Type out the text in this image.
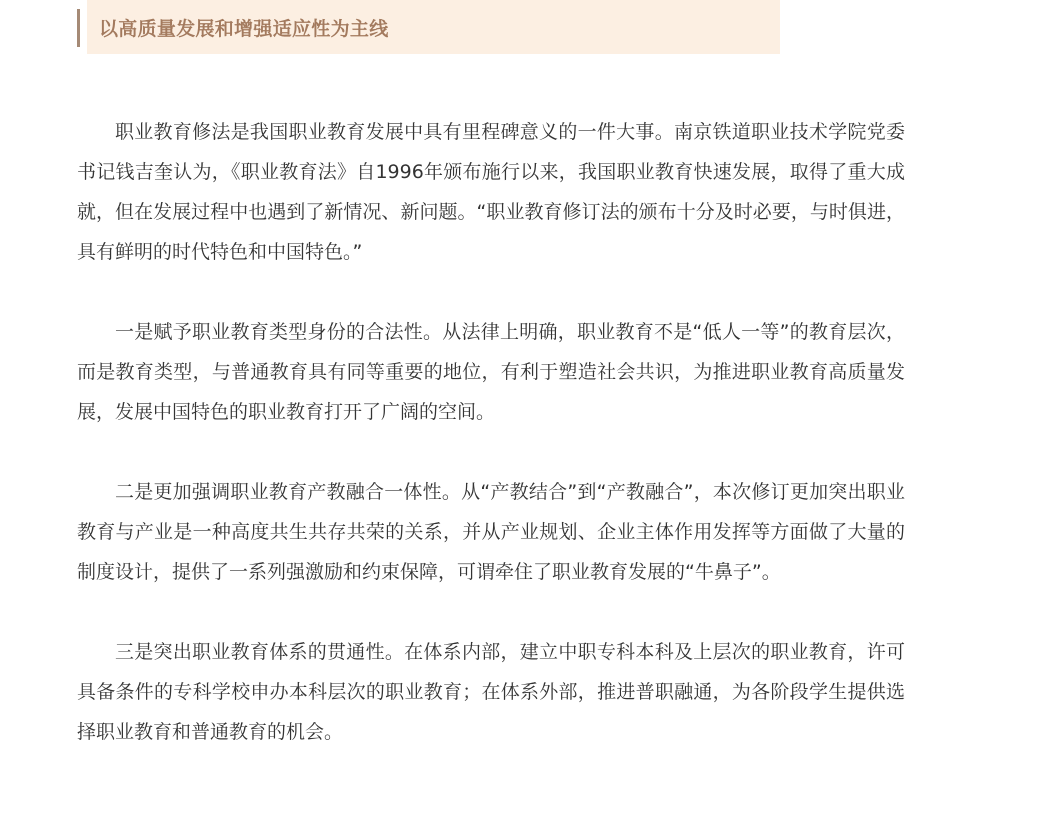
以高质量发展和增强适应性为主线

职业教育修法是我国职业教育发展中具有里程碑意义的一件大事。南京铁道职业技术学院党委书记钱吉奎认为，《职业教育法》自1996年颁布施行以来，我国职业教育快速发展，取得了重大成就，但在发展过程中也遇到了新情况、新问题。“职业教育修订法的颁布十分及时必要，与时俱进，具有鲜明的时代特色和中国特色。”

一是赋予职业教育类型身份的合法性。从法律上明确，职业教育不是“低人一等”的教育层次，而是教育类型，与普通教育具有同等重要的地位，有利于塑造社会共识，为推进职业教育高质量发展，发展中国特色的职业教育打开了广阔的空间。

二是更加强调职业教育产教融合一体性。从“产教结合”到“产教融合”，本次修订更加突出职业教育与产业是一种高度共生共存共荣的关系，并从产业规划、企业主体作用发挥等方面做了大量的制度设计，提供了一系列强激励和约束保障，可谓牵住了职业教育发展的“牛鼻子”。

三是突出职业教育体系的贯通性。在体系内部，建立中职专科本科及上层次的职业教育，许可具备条件的专科学校申办本科层次的职业教育；在体系外部，推进普职融通，为各阶段学生提供选择职业教育和普通教育的机会。
